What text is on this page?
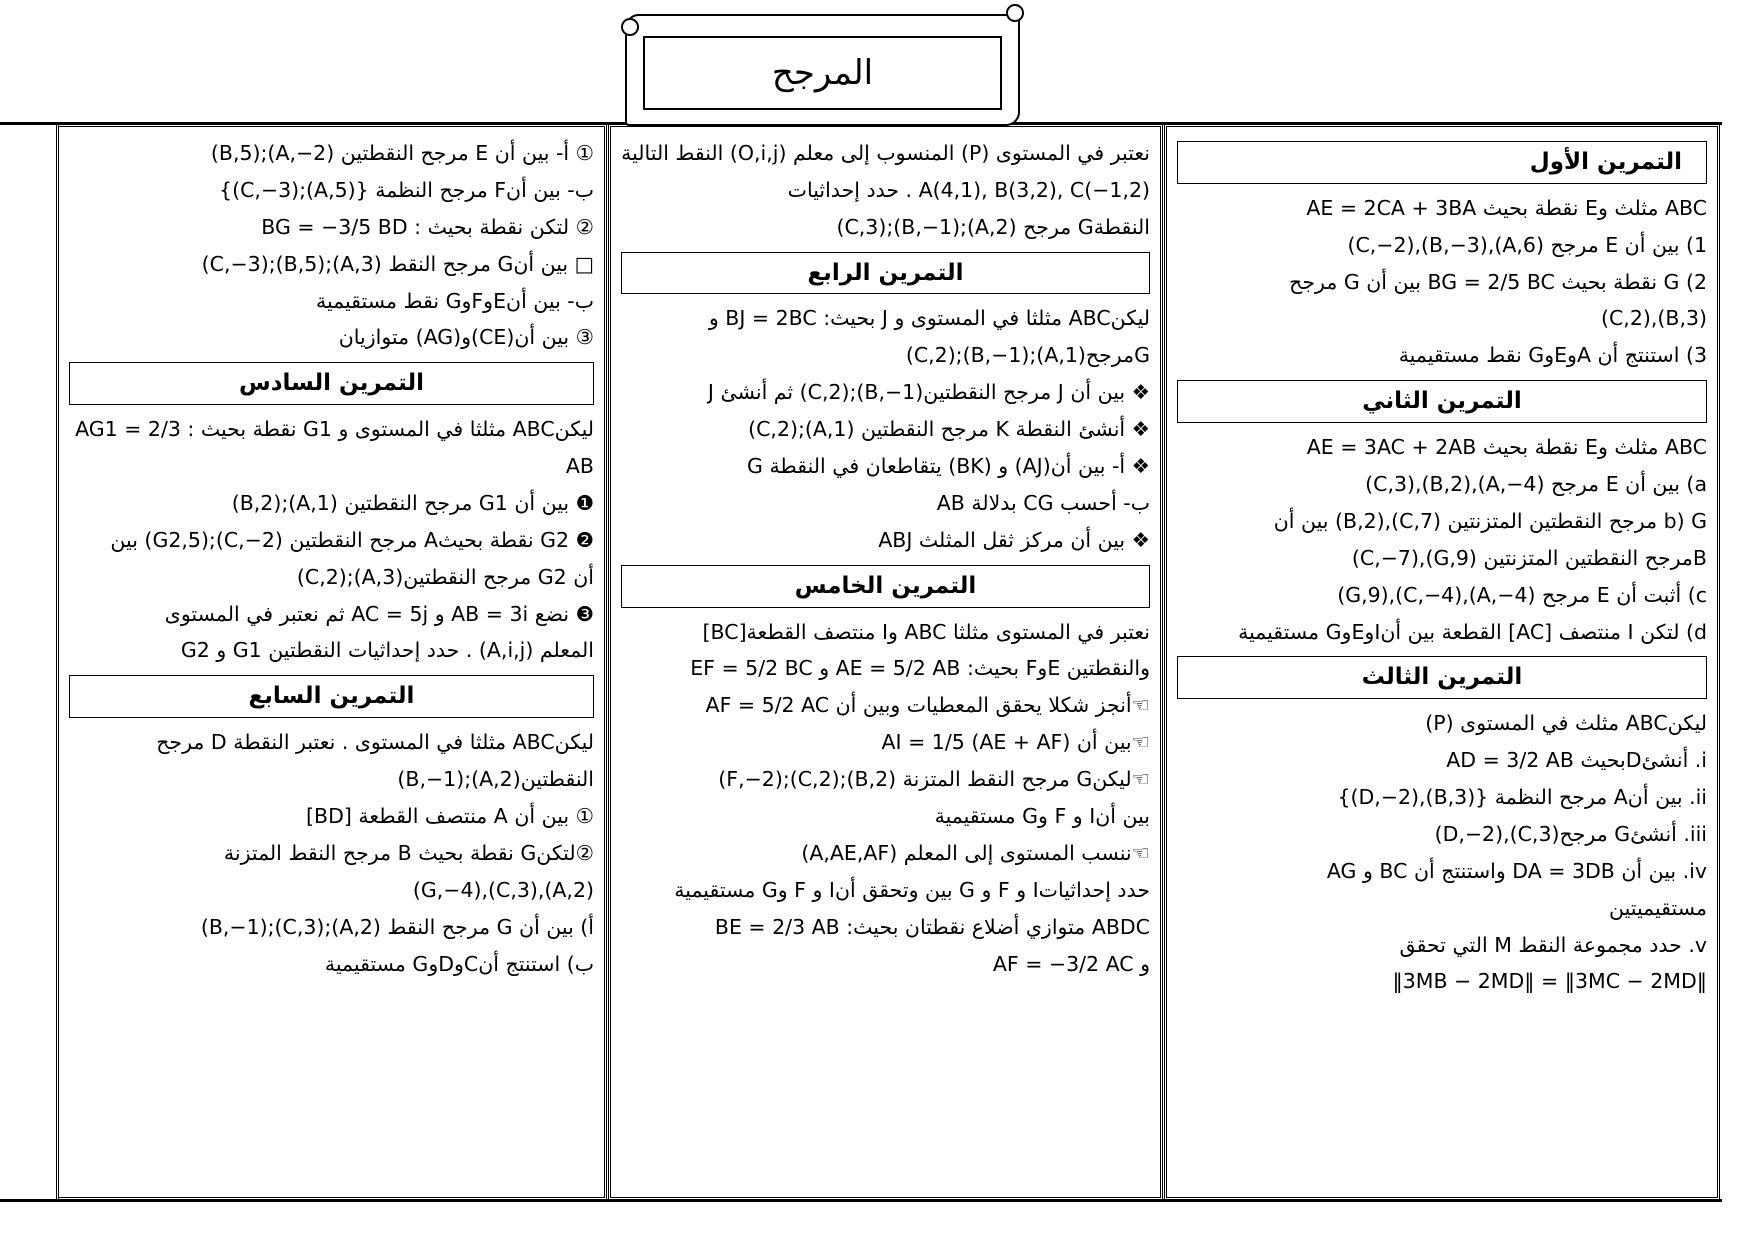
المرجح
التمرين الأول

ABC مثلث وE نقطة بحيث AE = 2CA + 3BA

1) بين أن E مرجح (A,6),(B,−3),(C,−2)

2) G نقطة بحيث BG = 2/5 BC بين أن G مرجح

(B,3),(C,2)

3) استنتج أن AوEوG نقط مستقيمية

التمرين الثاني

ABC مثلث وE نقطة بحيث AE = 3AC + 2AB

a) بين أن E مرجح (A,−4),(B,2),(C,3)

b) G مرجح النقطتين المتزنتين (C,7),(B,2) بين أن

Bمرجح النقطتين المتزنتين (G,9),(C,−7)

c) أثبت أن E مرجح (A,−4),(C,−4),(G,9)

d) لتكن I منتصف [AC] القطعة بين أنIوEوG مستقيمية

التمرين الثالث

ليكنABC مثلث في المستوى (P)

i. أنشئDبحيث AD = 3/2 AB

ii. بين أنA مرجح النظمة {(B,3),(D,−2)}

iii. أنشئG مرجح(C,3),(D,−2)

iv. بين أن DA = 3DB واستنتج أن BC و AG

مستقيميتين

v. حدد مجموعة النقط M التي تحقق

‖3MB − 2MD‖ = ‖3MC − 2MD‖

نعتبر في المستوى (P) المنسوب إلى معلم (O,i,j) النقط التالية

A(4,1), B(3,2), C(−1,2) . حدد إحداثيات

النقطةG مرجح (A,2);(B,−1);(C,3)

التمرين الرابع

ليكنABC مثلثا في المستوى و J بحيث: BJ = 2BC و

Gمرجح(A,1);(B,−1);(C,2)

❖ بين أن J مرجح النقطتين(B,−1);(C,2) ثم أنشئ J

❖ أنشئ النقطة K مرجح النقطتين (A,1);(C,2)

❖ أ- بين أن(AJ) و (BK) يتقاطعان في النقطة G

ب- أحسب CG بدلالة AB

❖ بين أن مركز ثقل المثلث ABJ

التمرين الخامس

نعتبر في المستوى مثلثا ABC وI منتصف القطعة[BC]

والنقطتين EوF بحيث: AE = 5/2 AB و EF = 5/2 BC

☜أنجز شكلا يحقق المعطيات وبين أن AF = 5/2 AC

☜بين أن AI = 1/5 (AE + AF)

☜ليكنG مرجح النقط المتزنة (B,2);(C,2);(F,−2)

بين أنI و F وG مستقيمية

☜ننسب المستوى إلى المعلم (A,AE,AF)

حدد إحداثياتI و F و G بين وتحقق أنI و F وG مستقيمية

ABDC متوازي أضلاع نقطتان بحيث: BE = 2/3 AB

و AF = −3/2 AC

① أ- بين أن E مرجح النقطتين (A,−2);(B,5)

ب- بين أنF مرجح النظمة {(A,5);(C,−3)}

② لتكن نقطة بحيث : BG = −3/5 BD

□ بين أنG مرجح النقط (A,3);(B,5);(C,−3)

ب- بين أنEوFوG نقط مستقيمية

③ بين أن(CE)و(AG) متوازيان

التمرين السادس

ليكنABC مثلثا في المستوى و G1 نقطة بحيث : AG1 = 2/3 AB

❶ بين أن G1 مرجح النقطتين (A,1);(B,2)

❷ G2 نقطة بحيثA مرجح النقطتين (C,−2);(G2,5) بين

أن G2 مرجح النقطتين(A,3);(C,2)

❸ نضع AB = 3i و AC = 5j ثم نعتبر في المستوى

المعلم (A,i,j) . حدد إحداثيات النقطتين G1 و G2

التمرين السابع

ليكنABC مثلثا في المستوى . نعتبر النقطة D مرجح

النقطتين(A,2);(B,−1)

① بين أن A منتصف القطعة [BD]

②لتكنG نقطة بحيث B مرجح النقط المتزنة

(A,2),(C,3),(G,−4)

أ) بين أن G مرجح النقط (A,2);(C,3);(B,−1)

ب) استنتج أنCوDوG مستقيمية
